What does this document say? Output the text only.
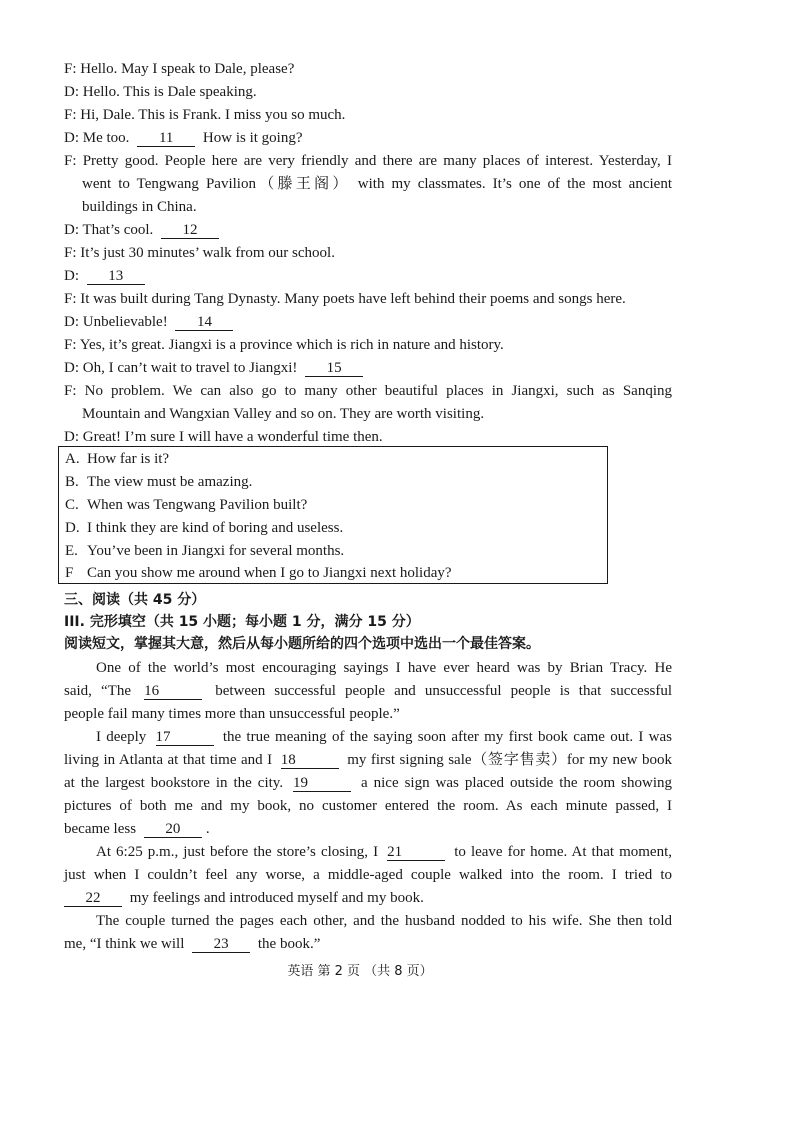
F: Hello. May I speak to Dale, please?
D: Hello. This is Dale speaking.
F: Hi, Dale. This is Frank. I miss you so much.
D: Me too. 11 How is it going?
F: Pretty good. People here are very friendly and there are many places of interest. Yesterday, I
went to Tengwang Pavilion（滕王阁） with my classmates. It’s one of the most ancient
buildings in China.
D: That’s cool. 12
F: It’s just 30 minutes’ walk from our school.
D: 13
F: It was built during Tang Dynasty. Many poets have left behind their poems and songs here.
D: Unbelievable! 14
F: Yes, it’s great. Jiangxi is a province which is rich in nature and history.
D: Oh, I can’t wait to travel to Jiangxi! 15
F: No problem. We can also go to many other beautiful places in Jiangxi, such as Sanqing
Mountain and Wangxian Valley and so on. They are worth visiting.
D: Great! I’m sure I will have a wonderful time then.
A. How far is it?
B. The view must be amazing.
C. When was Tengwang Pavilion built?
D. I think they are kind of boring and useless.
E. You’ve been in Jiangxi for several months.
F Can you show me around when I go to Jiangxi next holiday?
三、阅读（共 45 分）
III. 完形填空（共 15 小题；每小题 1 分，满分 15 分）
阅读短文，掌握其大意，然后从每小题所给的四个选项中选出一个最佳答案。
One of the world’s most encouraging sayings I have ever heard was by Brian Tracy. He
said, “The 16	between successful people and unsuccessful people is that successful
people fail many times more than unsuccessful people.”
I deeply 17	the true meaning of the saying soon after my first book came out. I was
living in Atlanta at that time and I 18	my first signing sale（签字售卖）for my new book
at the largest bookstore in the city. 19	a nice sign was placed outside the room showing
pictures of both me and my book, no customer entered the room. As each minute passed, I
became less 20 .
At 6:25 p.m., just before the store’s closing, I 21	to leave for home. At that moment,
just when I couldn’t feel any worse, a middle-aged couple walked into the room. I tried to
22 my feelings and introduced myself and my book.
The couple turned the pages each other, and the husband nodded to his wife. She then told
me, “I think we will 23 the book.”
英语 第 2 页 （共 8 页）
